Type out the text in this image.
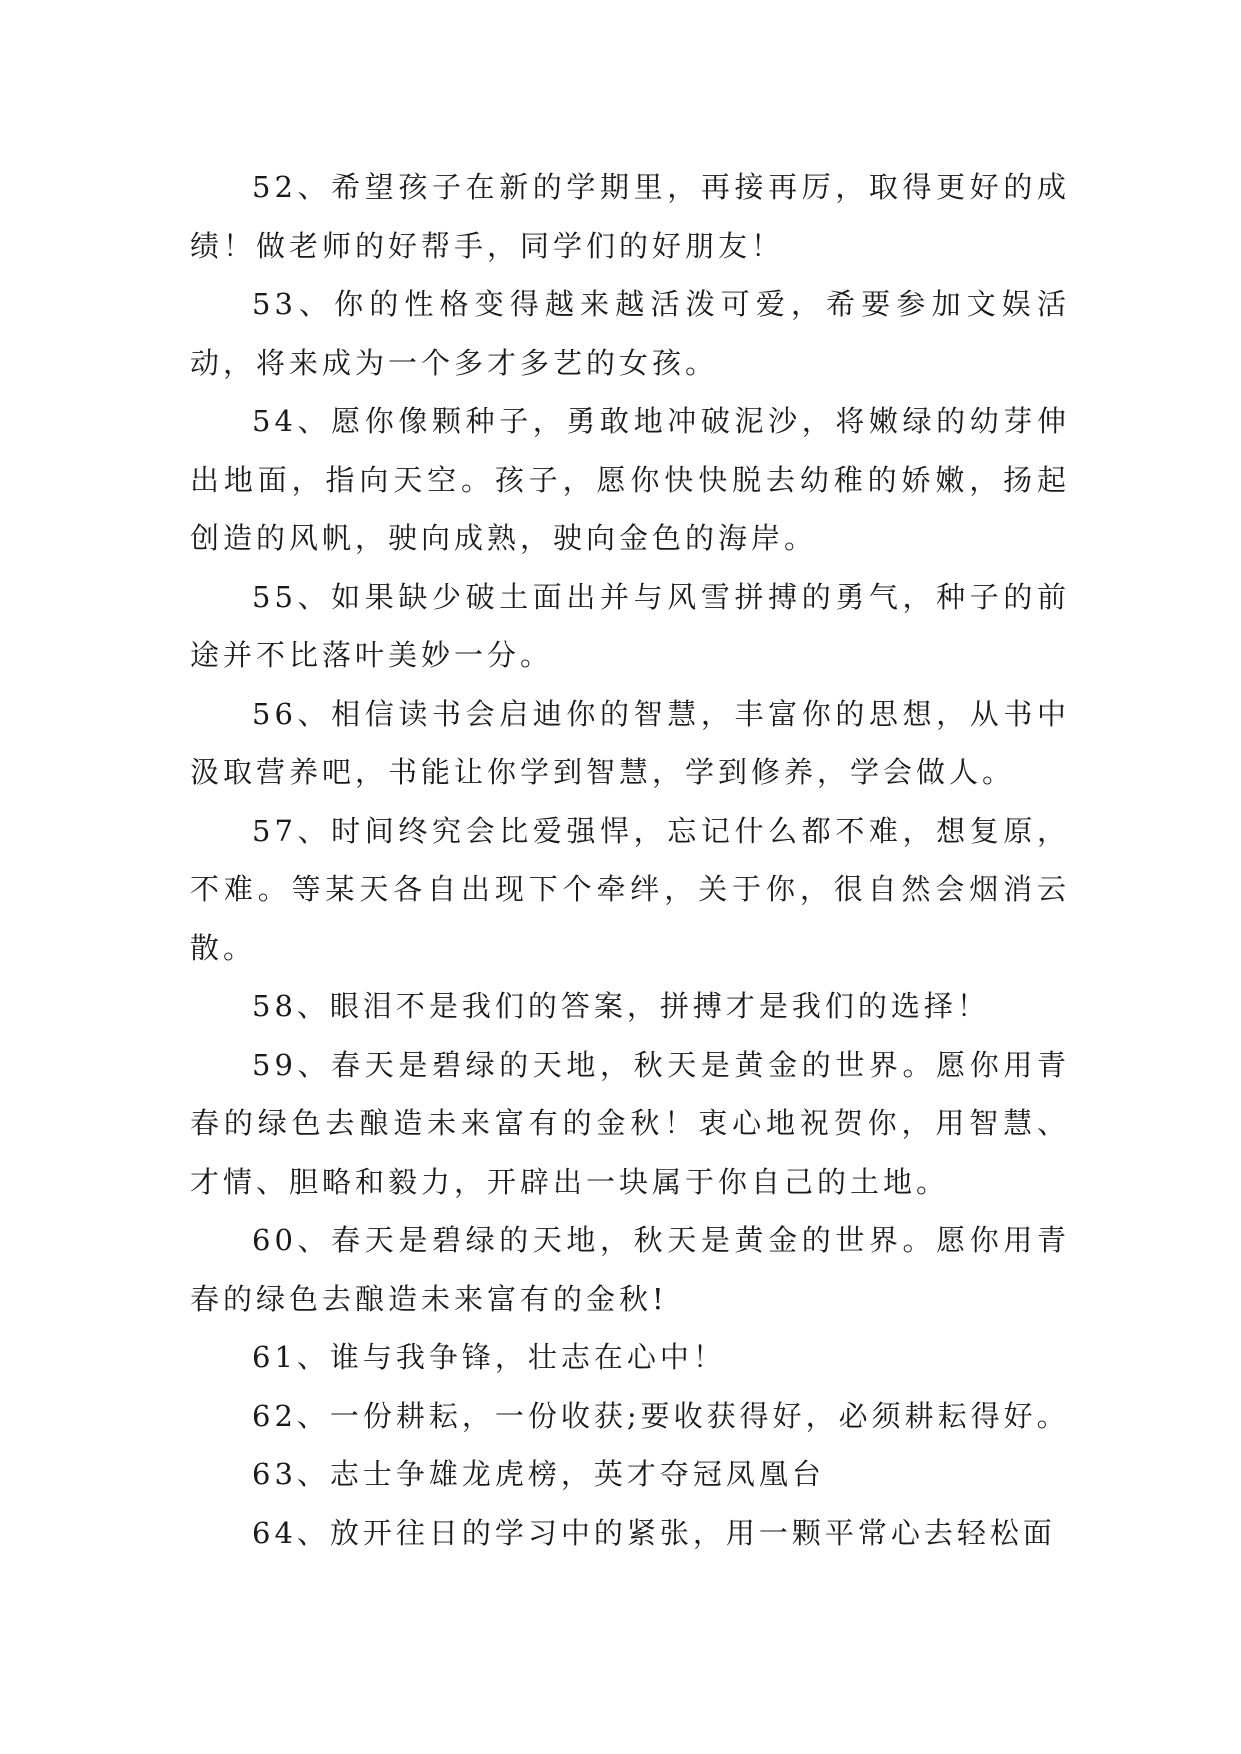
52、希望孩子在新的学期里，再接再厉，取得更好的成绩！做老师的好帮手，同学们的好朋友！

53、你的性格变得越来越活泼可爱，希要参加文娱活动，将来成为一个多才多艺的女孩。

54、愿你像颗种子，勇敢地冲破泥沙，将嫩绿的幼芽伸出地面，指向天空。孩子，愿你快快脱去幼稚的娇嫩，扬起创造的风帆，驶向成熟，驶向金色的海岸。

55、如果缺少破土面出并与风雪拼搏的勇气，种子的前途并不比落叶美妙一分。

56、相信读书会启迪你的智慧，丰富你的思想，从书中汲取营养吧，书能让你学到智慧，学到修养，学会做人。

57、时间终究会比爱强悍，忘记什么都不难，想复原，不难。等某天各自出现下个牵绊，关于你，很自然会烟消云散。

58、眼泪不是我们的答案，拼搏才是我们的选择！

59、春天是碧绿的天地，秋天是黄金的世界。愿你用青春的绿色去酿造未来富有的金秋！衷心地祝贺你，用智慧、才情、胆略和毅力，开辟出一块属于你自己的土地。

60、春天是碧绿的天地，秋天是黄金的世界。愿你用青春的绿色去酿造未来富有的金秋!

61、谁与我争锋，壮志在心中！

62、一份耕耘，一份收获;要收获得好，必须耕耘得好。

63、志士争雄龙虎榜，英才夺冠凤凰台

64、放开往日的学习中的紧张，用一颗平常心去轻松面
